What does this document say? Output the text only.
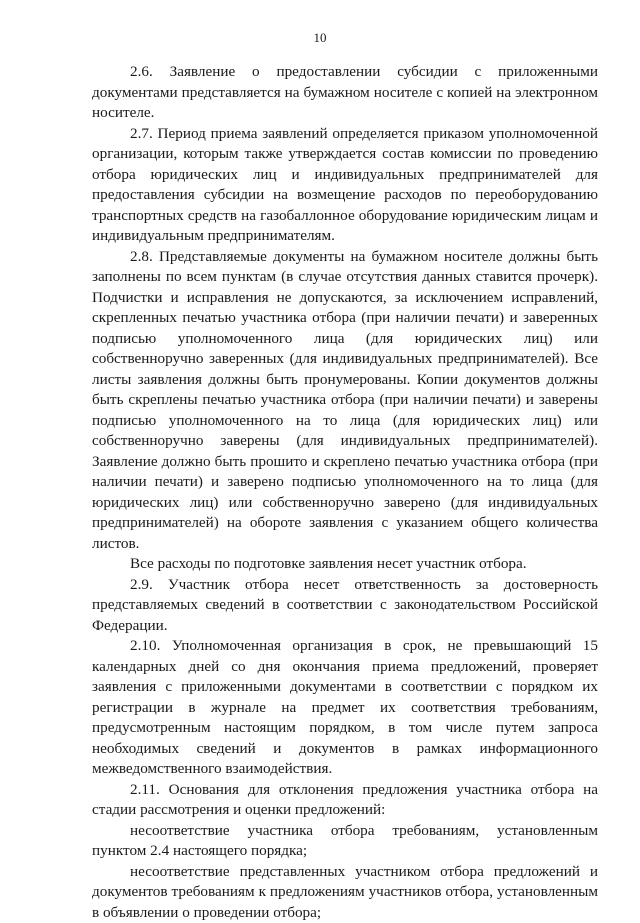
10

2.6. Заявление о предоставлении субсидии с приложенными документами представляется на бумажном носителе с копией на электронном носителе.

2.7. Период приема заявлений определяется приказом уполномоченной организации, которым также утверждается состав комиссии по проведению отбора юридических лиц и индивидуальных предпринимателей для предоставления субсидии на возмещение расходов по переоборудованию транспортных средств на газобаллонное оборудование юридическим лицам и индивидуальным предпринимателям.

2.8. Представляемые документы на бумажном носителе должны быть заполнены по всем пунктам (в случае отсутствия данных ставится прочерк). Подчистки и исправления не допускаются, за исключением исправлений, скрепленных печатью участника отбора (при наличии печати) и заверенных подписью уполномоченного лица (для юридических лиц) или собственноручно заверенных (для индивидуальных предпринимателей). Все листы заявления должны быть пронумерованы. Копии документов должны быть скреплены печатью участника отбора (при наличии печати) и заверены подписью уполномоченного на то лица (для юридических лиц) или собственноручно заверены (для индивидуальных предпринимателей). Заявление должно быть прошито и скреплено печатью участника отбора (при наличии печати) и заверено подписью уполномоченного на то лица (для юридических лиц) или собственноручно заверено (для индивидуальных предпринимателей) на обороте заявления с указанием общего количества листов.

Все расходы по подготовке заявления несет участник отбора.

2.9. Участник отбора несет ответственность за достоверность представляемых сведений в соответствии с законодательством Российской Федерации.

2.10. Уполномоченная организация в срок, не превышающий 15 календарных дней со дня окончания приема предложений, проверяет заявления с приложенными документами в соответствии с порядком их регистрации в журнале на предмет их соответствия требованиям, предусмотренным настоящим порядком, в том числе путем запроса необходимых сведений и документов в рамках информационного межведомственного взаимодействия.

2.11. Основания для отклонения предложения участника отбора на стадии рассмотрения и оценки предложений:

несоответствие участника отбора требованиям, установленным пунктом 2.4 настоящего порядка;

несоответствие представленных участником отбора предложений и документов требованиям к предложениям участников отбора, установленным в объявлении о проведении отбора;
